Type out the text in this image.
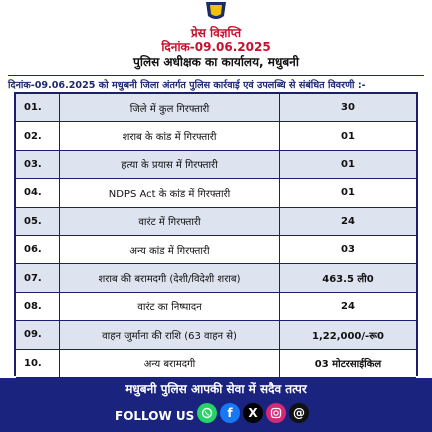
प्रेस विज्ञप्ति
दिनांक-09.06.2025
पुलिस अधीक्षक का कार्यालय, मधुबनी
दिनांक-09.06.2025 को मधुबनी जिला अंतर्गत पुलिस कार्रवाई एवं उपलब्धि से संबंधित विवरणी :-
01.	जिले में कुल गिरफ्तारी	30
02.	शराब के कांड में गिरफ्तारी	01
03.	हत्या के प्रयास में गिरफ्तारी	01
04.	NDPS Act के कांड में गिरफ्तारी	01
05.	वारंट में गिरफ्तारी	24
06.	अन्य कांड में गिरफ्तारी	03
07.	शराब की बरामदगी (देशी/विदेशी शराब)	463.5 ली0
08.	वारंट का निष्पादन	24
09.	वाहन जुर्माना की राशि (63 वाहन से)	1,22,000/-रू0
10.	अन्य बरामदगी	03 मोटरसाईकिल
मधुबनी पुलिस आपकी सेवा में सदैव तत्पर
FOLLOW US	f	X	@
